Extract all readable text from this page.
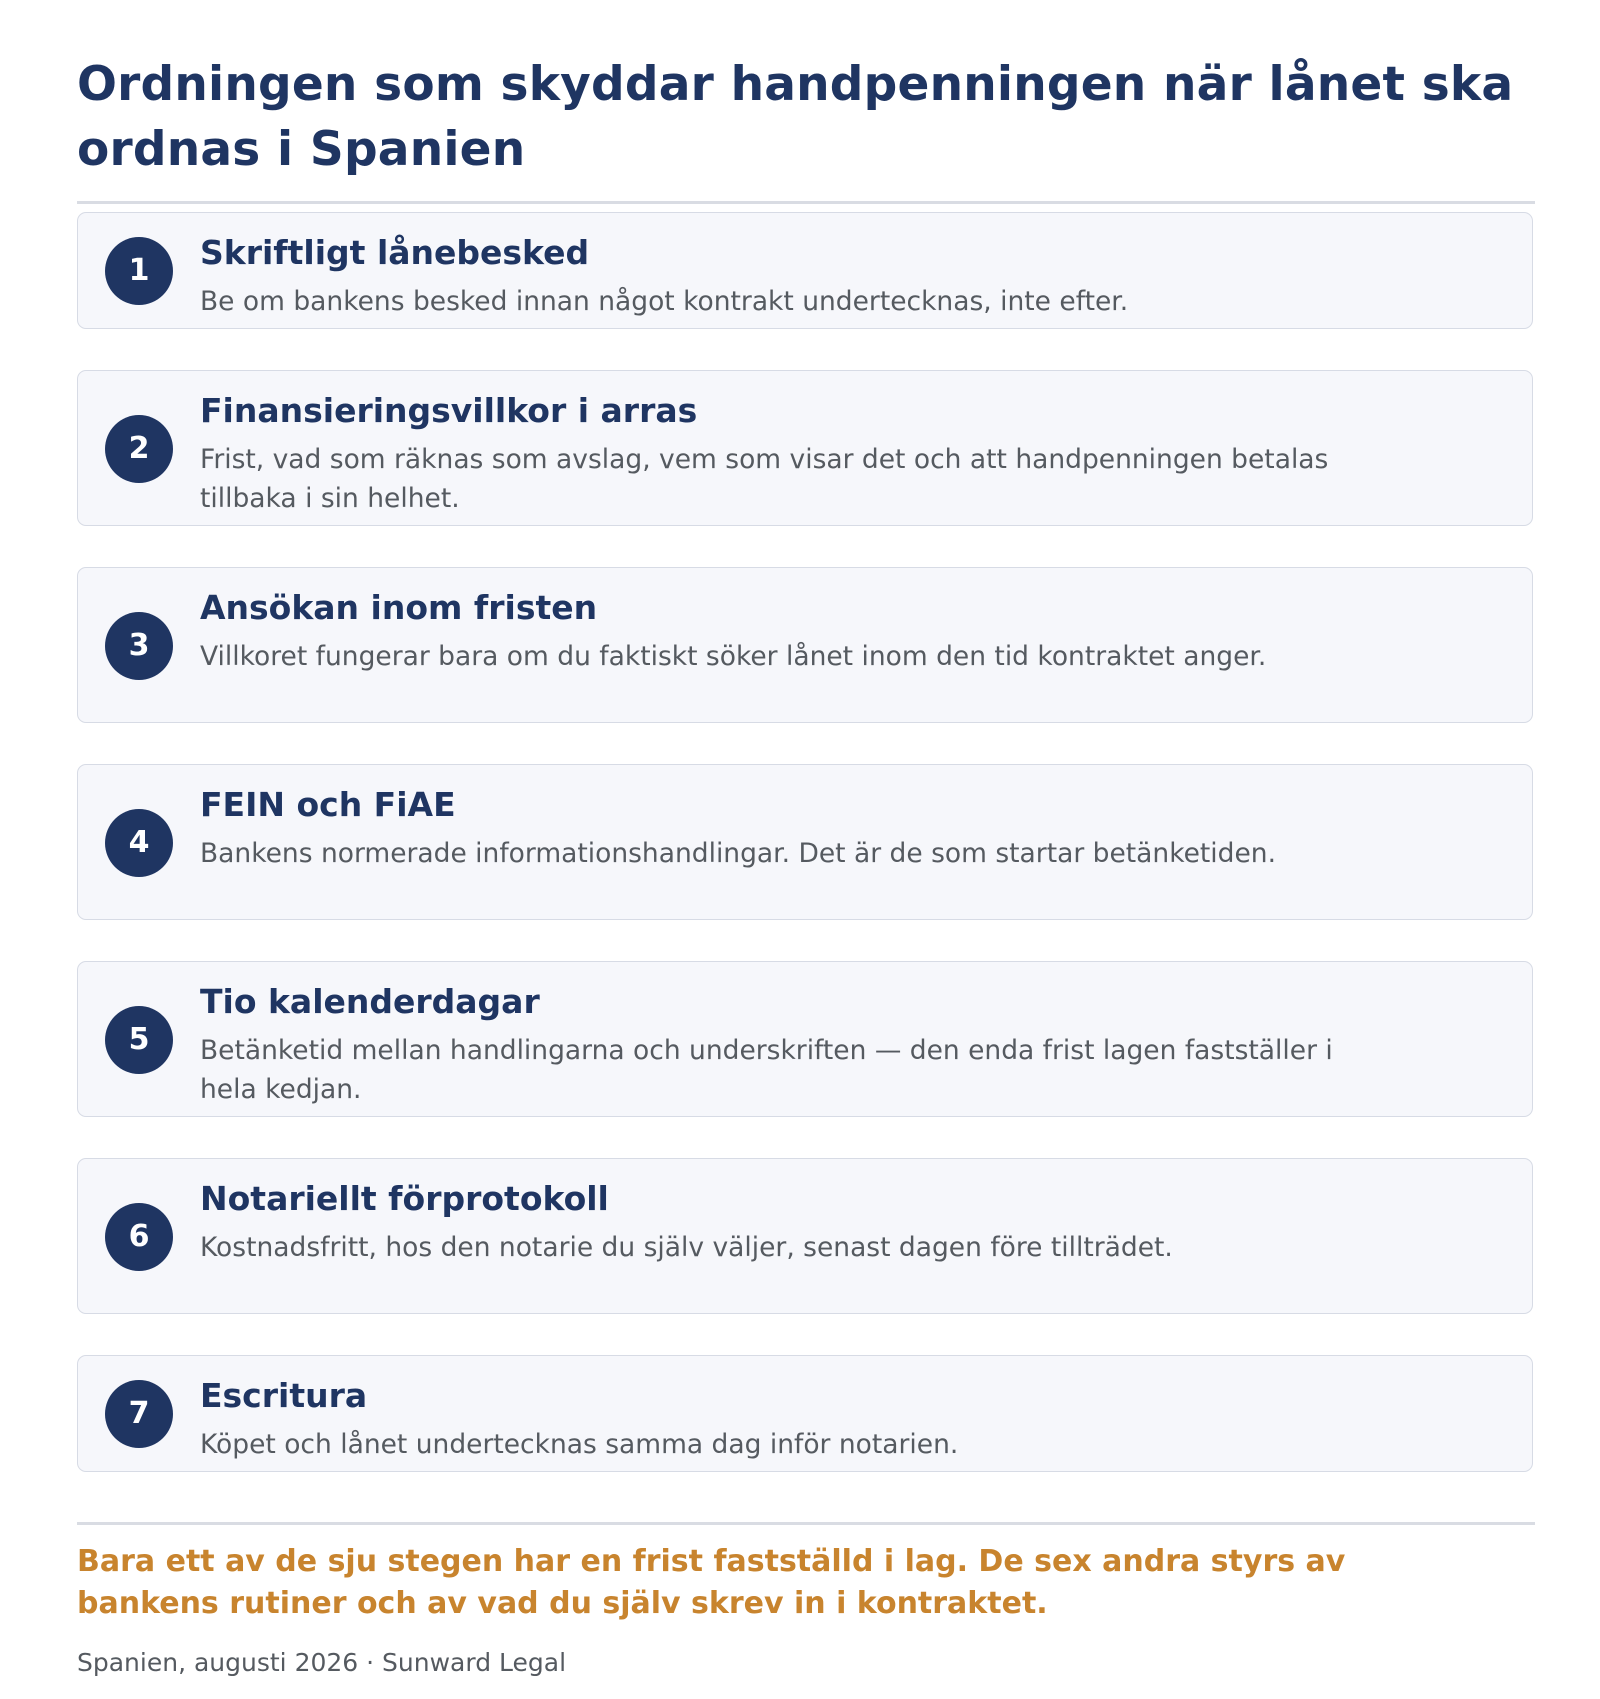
Ordningen som skyddar handpenningen när lånet ska ordnas i Spanien
1	Skriftligt lånebesked
Be om bankens besked innan något kontrakt undertecknas, inte efter.
2
Finansieringsvillkor i arras
Frist, vad som räknas som avslag, vem som visar det och att handpenningen betalas tillbaka i sin helhet.
3
Ansökan inom fristen
Villkoret fungerar bara om du faktiskt söker lånet inom den tid kontraktet anger.
4
FEIN och FiAE
Bankens normerade informationshandlingar. Det är de som startar betänketiden.
5
Tio kalenderdagar
Betänketid mellan handlingarna och underskriften — den enda frist lagen fastställer i hela kedjan.
6
Notariellt förprotokoll
Kostnadsfritt, hos den notarie du själv väljer, senast dagen före tillträdet.
7	Escritura
Köpet och lånet undertecknas samma dag inför notarien.
Bara ett av de sju stegen har en frist fastställd i lag. De sex andra styrs av bankens rutiner och av vad du själv skrev in i kontraktet.
Spanien, augusti 2026 · Sunward Legal
